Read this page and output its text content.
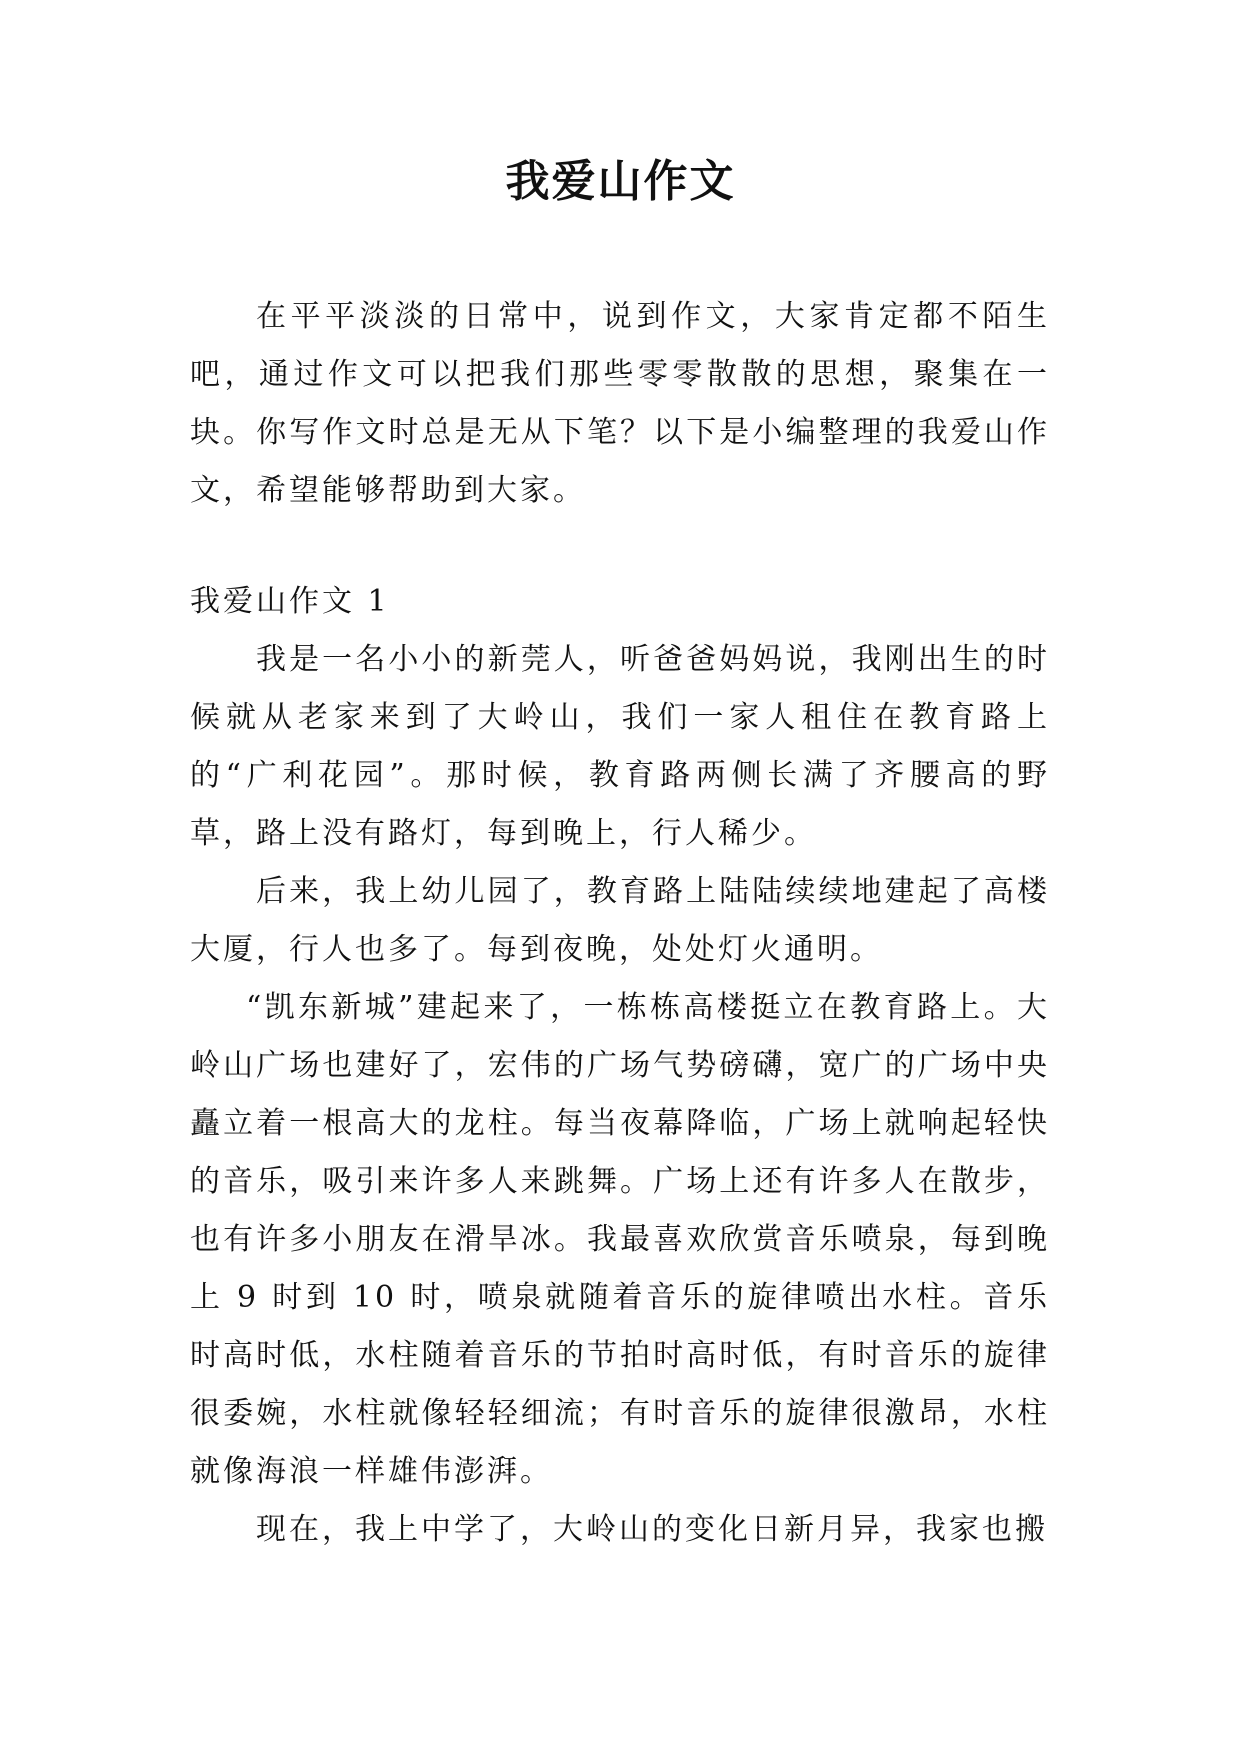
我爱山作文

在平平淡淡的日常中，说到作文，大家肯定都不陌生吧，通过作文可以把我们那些零零散散的思想，聚集在一块。你写作文时总是无从下笔？以下是小编整理的我爱山作文，希望能够帮助到大家。

我爱山作文 1

我是一名小小的新莞人，听爸爸妈妈说，我刚出生的时候就从老家来到了大岭山，我们一家人租住在教育路上的“广利花园”。那时候，教育路两侧长满了齐腰高的野草，路上没有路灯，每到晚上，行人稀少。

后来，我上幼儿园了，教育路上陆陆续续地建起了高楼大厦，行人也多了。每到夜晚，处处灯火通明。

“凯东新城”建起来了，一栋栋高楼挺立在教育路上。大岭山广场也建好了，宏伟的广场气势磅礴，宽广的广场中央矗立着一根高大的龙柱。每当夜幕降临，广场上就响起轻快的音乐，吸引来许多人来跳舞。广场上还有许多人在散步，也有许多小朋友在滑旱冰。我最喜欢欣赏音乐喷泉，每到晚上 9 时到 10 时，喷泉就随着音乐的旋律喷出水柱。音乐时高时低，水柱随着音乐的节拍时高时低，有时音乐的旋律很委婉，水柱就像轻轻细流；有时音乐的旋律很激昂，水柱就像海浪一样雄伟澎湃。

现在，我上中学了，大岭山的变化日新月异，我家也搬
